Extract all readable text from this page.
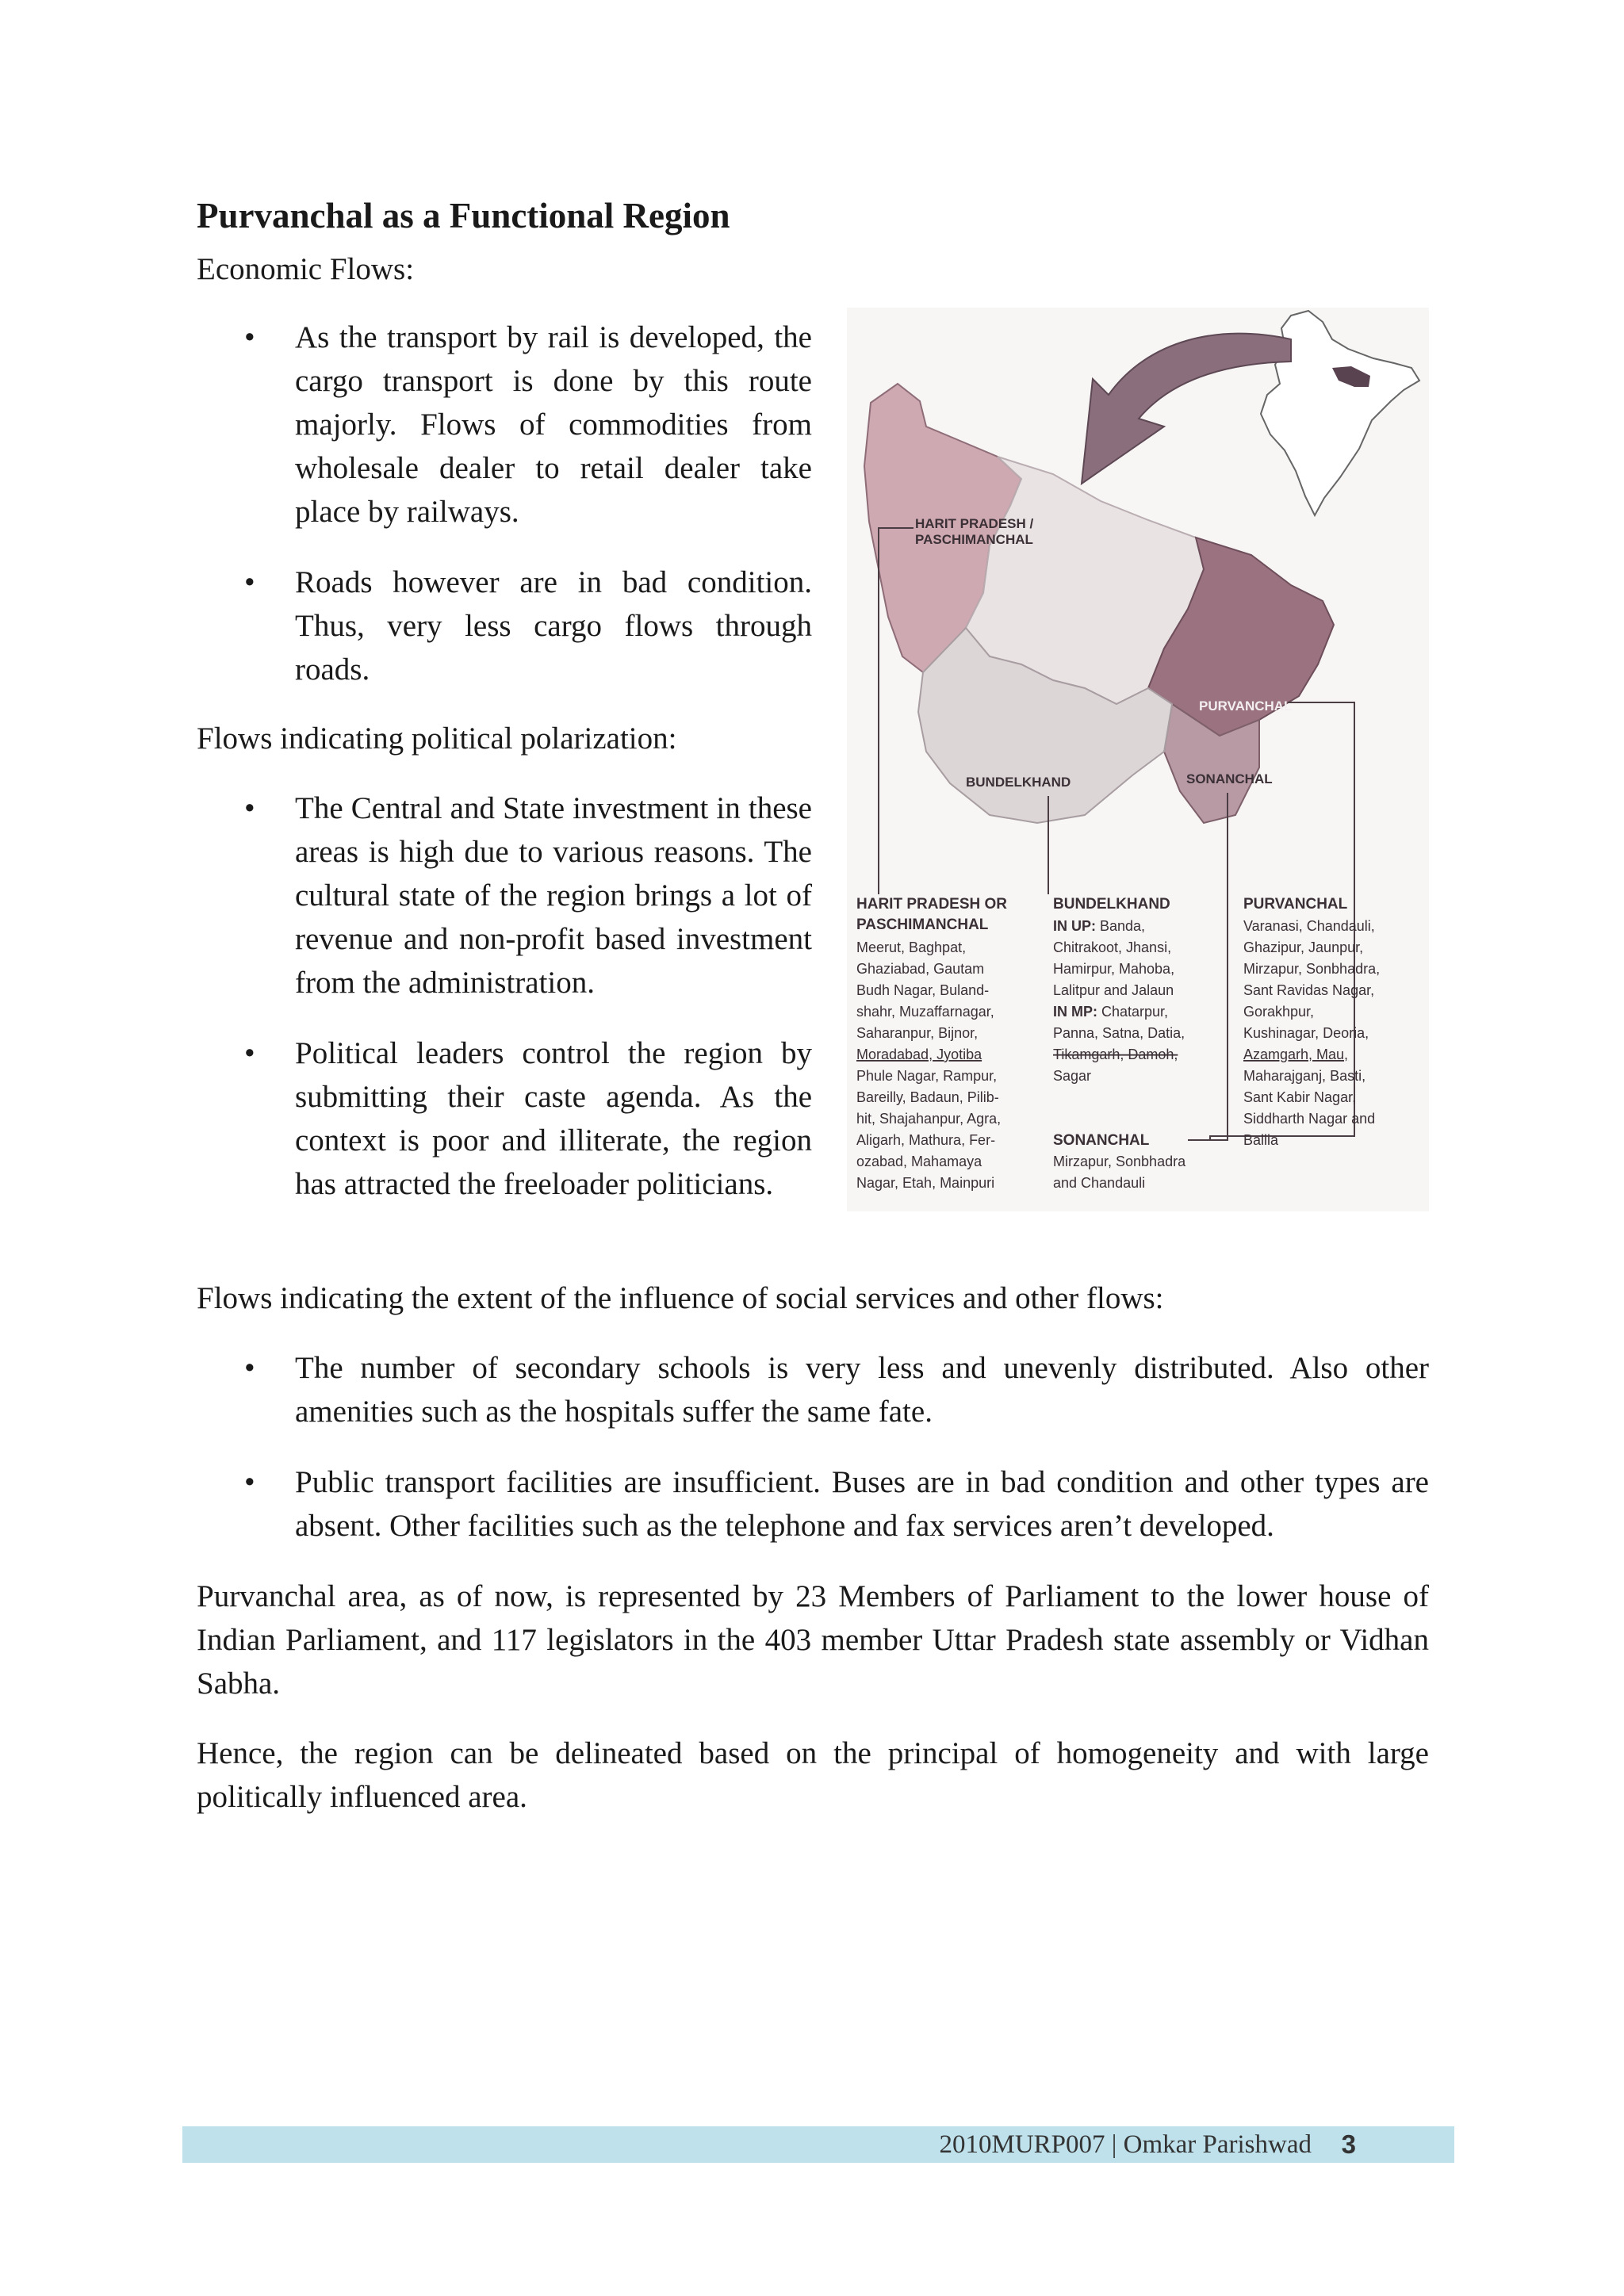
Purvanchal as a Functional Region

Economic Flows:

• As the transport by rail is developed, the cargo transport is done by this route majorly. Flows of commodities from wholesale dealer to retail dealer take place by railways.
• Roads however are in bad condition. Thus, very less cargo flows through roads.

Flows indicating political polarization:

• The Central and State investment in these areas is high due to various reasons. The cultural state of the region brings a lot of revenue and non-profit based investment from the administration.
• Political leaders control the region by submitting their caste agenda. As the context is poor and illiterate, the region has attracted the freeloader politicians.
HARIT PRADESH /
PASCHIMANCHAL
PURVANCHAL
BUNDELKHAND	SONANCHAL
HARIT PRADESH OR
PASCHIMANCHAL
Meerut, Baghpat,
Ghaziabad, Gautam
Budh Nagar, Buland-
shahr, Muzaffarnagar,
Saharanpur, Bijnor,
Moradabad, Jyotiba
Phule Nagar, Rampur,
Bareilly, Badaun, Pilib-
hit, Shajahanpur, Agra,
Aligarh, Mathura, Fer-
ozabad, Mahamaya
Nagar, Etah, Mainpuri
BUNDELKHAND
IN UP: Banda,
Chitrakoot, Jhansi,
Hamirpur, Mahoba,
Lalitpur and Jalaun
IN MP: Chatarpur,
Panna, Satna, Datia,
Tikamgarh, Damoh,
Sagar
SONANCHAL
Mirzapur, Sonbhadra
and Chandauli
PURVANCHAL
Varanasi, Chandauli,
Ghazipur, Jaunpur,
Mirzapur, Sonbhadra,
Sant Ravidas Nagar,
Gorakhpur,
Kushinagar, Deoria,
Azamgarh, Mau,
Maharajganj, Basti,
Sant Kabir Nagar,
Siddharth Nagar and
Ballia

Flows indicating the extent of the influence of social services and other flows:

• The number of secondary schools is very less and unevenly distributed. Also other amenities such as the hospitals suffer the same fate.
• Public transport facilities are insufficient. Buses are in bad condition and other types are absent. Other facilities such as the telephone and fax services aren’t developed.

Purvanchal area, as of now, is represented by 23 Members of Parliament to the lower house of Indian Parliament, and 117 legislators in the 403 member Uttar Pradesh state assembly or Vidhan Sabha.

Hence, the region can be delineated based on the principal of homogeneity and with large politically influenced area.

2010MURP007 | Omkar Parishwad 3
